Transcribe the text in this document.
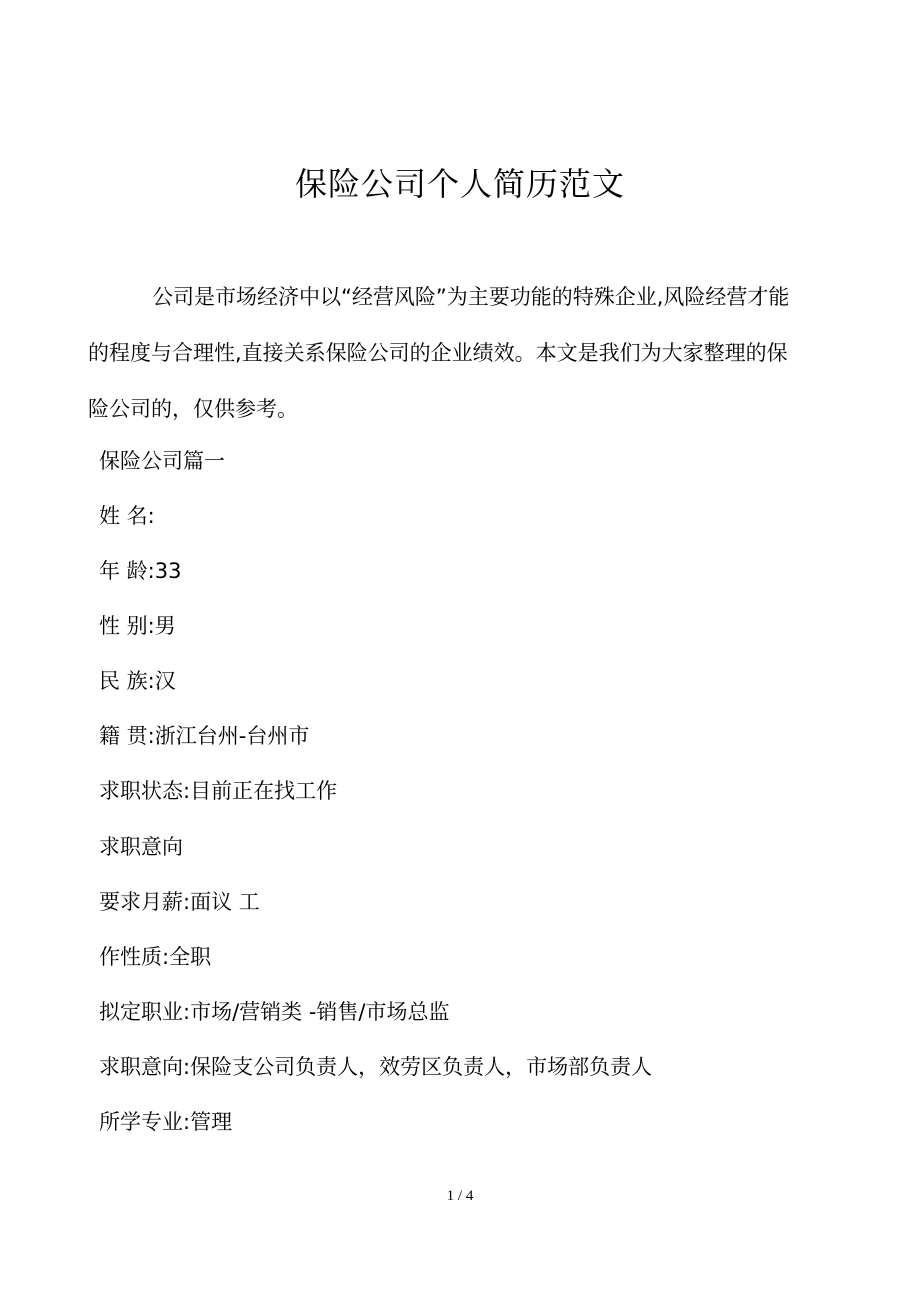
保险公司个人简历范文

公司是市场经济中以“经营风险”为主要功能的特殊企业,风险经营才能的程度与合理性,直接关系保险公司的企业绩效。本文是我们为大家整理的保险公司的，仅供参考。

保险公司篇一
姓 名:
年 龄:33
性 别:男
民 族:汉
籍 贯:浙江台州-台州市
求职状态:目前正在找工作
求职意向
要求月薪:面议 工
作性质:全职
拟定职业:市场/营销类 -销售/市场总监
求职意向:保险支公司负责人，效劳区负责人，市场部负责人
所学专业:管理
1 / 4
